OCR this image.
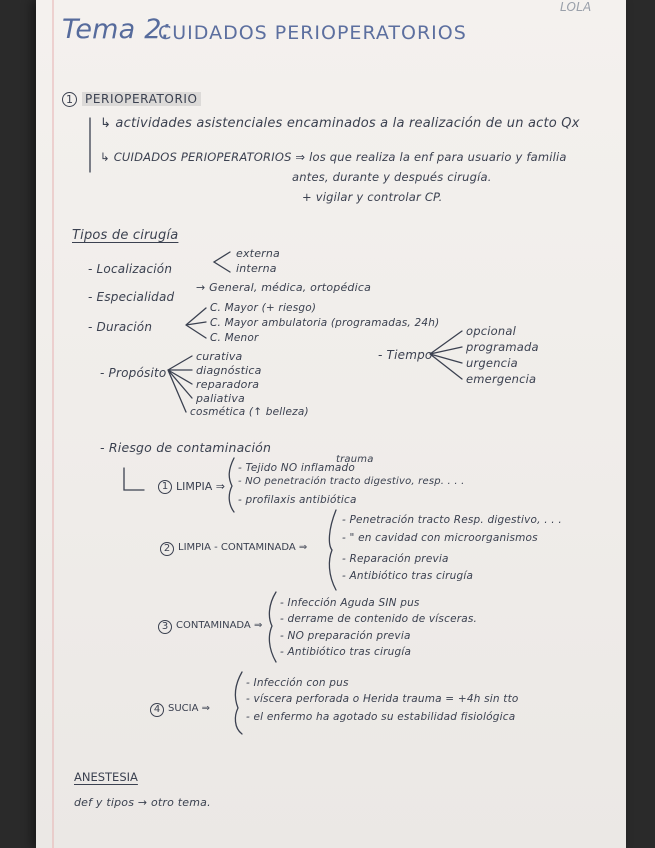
LOLA
Tema 2:
CUIDADOS PERIOPERATORIOS
1	PERIOPERATORIO
↳ actividades asistenciales encaminados a la realización de un acto Qx
↳ CUIDADOS PERIOPERATORIOS ⇒ los que realiza la enf para usuario y familia
antes, durante y después cirugía.
+ vigilar y controlar CP.
Tipos de cirugía
- Localización
externa
interna
- Especialidad
→ General, médica, ortopédica
- Duración
C. Mayor (+ riesgo)
C. Mayor ambulatoria (programadas, 24h)
C. Menor
- Propósito
curativa
diagnóstica
reparadora
paliativa
cosmética (↑ belleza)
- Tiempo
opcional
programada
urgencia
emergencia
- Riesgo de contaminación
1 LIMPIA ⇒
- Tejido NO inflamado
trauma
- NO penetración tracto digestivo, resp. . . .
- profilaxis antibiótica
2 LIMPIA - CONTAMINADA ⇒
- Penetración tracto Resp. digestivo, . . .
- " en cavidad con microorganismos
- Reparación previa
- Antibiótico tras cirugía
3 CONTAMINADA ⇒
- Infección Aguda SIN pus
- derrame de contenido de vísceras.
- NO preparación previa
- Antibiótico tras cirugía
4 SUCIA ⇒
- Infección con pus
- víscera perforada o Herida trauma = +4h sin tto
- el enfermo ha agotado su estabilidad fisiológica
ANESTESIA
def y tipos → otro tema.
